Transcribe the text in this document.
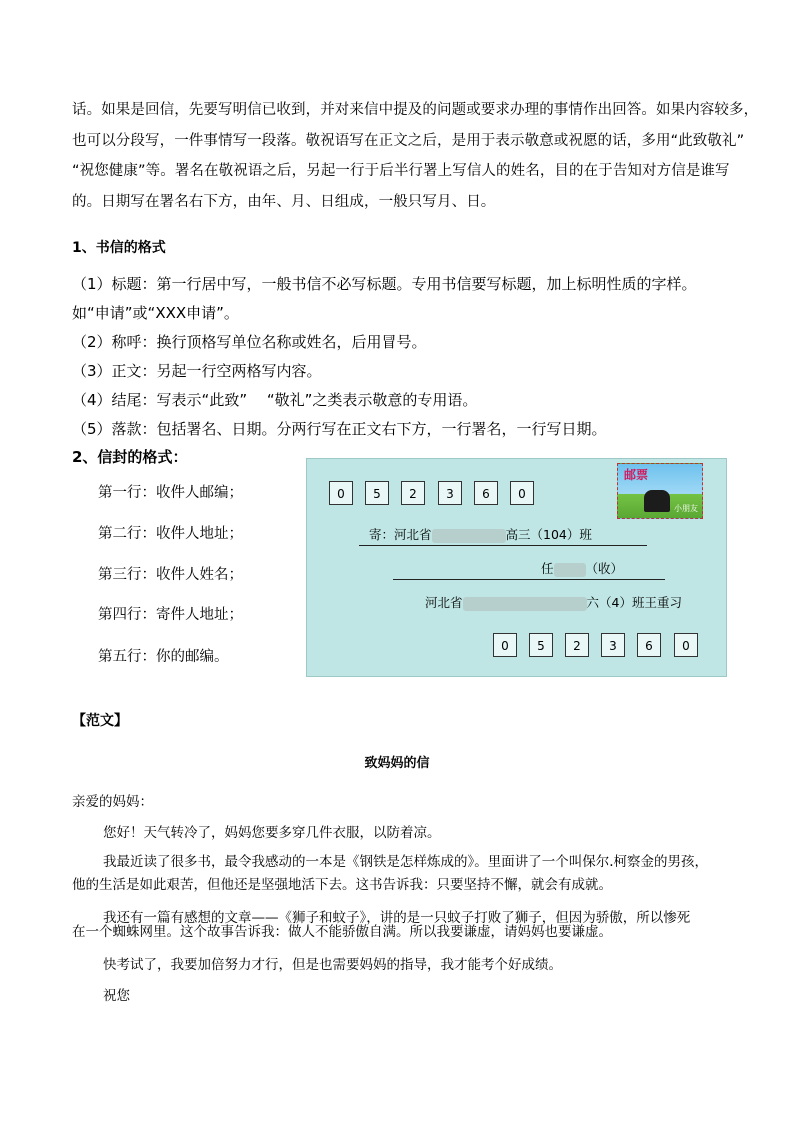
话。如果是回信，先要写明信已收到，并对来信中提及的问题或要求办理的事情作出回答。如果内容较多，
也可以分段写，一件事情写一段落。敬祝语写在正文之后，是用于表示敬意或祝愿的话，多用“此致敬礼”
“祝您健康”等。署名在敬祝语之后，另起一行于后半行署上写信人的姓名，目的在于告知对方信是谁写
的。日期写在署名右下方，由年、月、日组成，一般只写月、日。
1、书信的格式
（1）标题：第一行居中写，一般书信不必写标题。专用书信要写标题，加上标明性质的字样。
如“申请”或“XXX申请”。
（2）称呼：换行顶格写单位名称或姓名，后用冒号。
（3）正文：另起一行空两格写内容。
（4）结尾：写表示“此致”　 “敬礼”之类表示敬意的专用语。
（5）落款：包括署名、日期。分两行写在正文右下方，一行署名，一行写日期。
2、信封的格式：
第一行：收件人邮编；
第二行：收件人地址；
第三行：收件人姓名；
第四行：寄件人地址；
第五行：你的邮编。
0	5	2	3	6	0
邮票
小朋友
寄：河北省	高三（104）班
任	（收）
河北省	六（4）班王重习
0	5	2	3	6	0
【范文】
致妈妈的信
亲爱的妈妈：
您好！天气转冷了，妈妈您要多穿几件衣服，以防着凉。
我最近读了很多书，最令我感动的一本是《钢铁是怎样炼成的》。里面讲了一个叫保尔.柯察金的男孩，
他的生活是如此艰苦，但他还是坚强地活下去。这书告诉我：只要坚持不懈，就会有成就。
我还有一篇有感想的文章——《狮子和蚊子》，讲的是一只蚊子打败了狮子，但因为骄傲，所以惨死
在一个蜘蛛网里。这个故事告诉我：做人不能骄傲自满。所以我要谦虚，请妈妈也要谦虚。
快考试了，我要加倍努力才行，但是也需要妈妈的指导，我才能考个好成绩。
祝您
